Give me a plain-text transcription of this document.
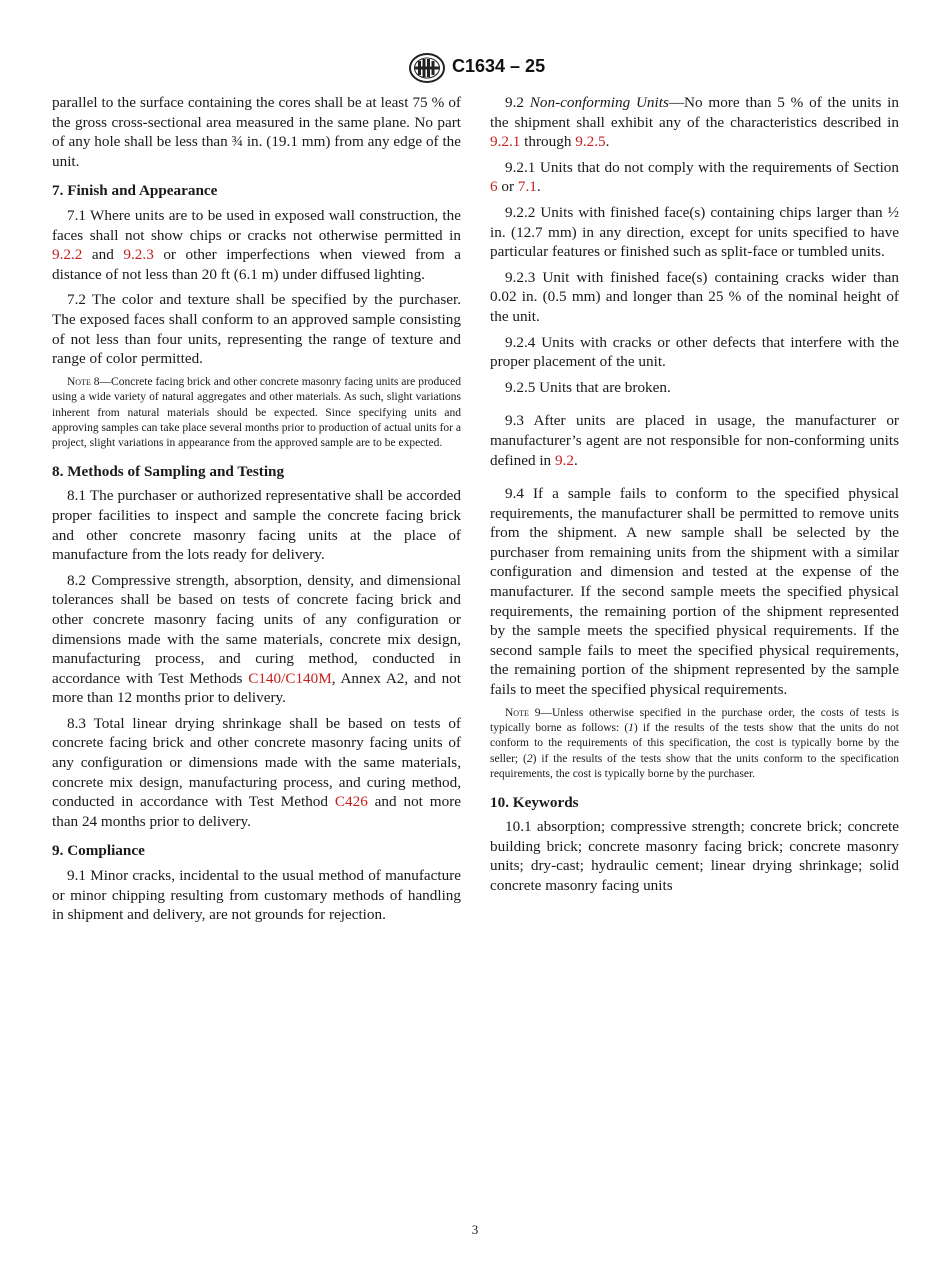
C1634 – 25

parallel to the surface containing the cores shall be at least 75 % of the gross cross-sectional area measured in the same plane. No part of any hole shall be less than ¾ in. (19.1 mm) from any edge of the unit.

7. Finish and Appearance

7.1 Where units are to be used in exposed wall construction, the faces shall not show chips or cracks not otherwise permitted in 9.2.2 and 9.2.3 or other imperfections when viewed from a distance of not less than 20 ft (6.1 m) under diffused lighting.

7.2 The color and texture shall be specified by the purchaser. The exposed faces shall conform to an approved sample consisting of not less than four units, representing the range of texture and range of color permitted.

Note 8—Concrete facing brick and other concrete masonry facing units are produced using a wide variety of natural aggregates and other materials. As such, slight variations inherent from natural materials should be expected. Since specifying units and approving samples can take place several months prior to production of actual units for a project, slight variations in appearance from the approved sample are to be expected.

8. Methods of Sampling and Testing

8.1 The purchaser or authorized representative shall be accorded proper facilities to inspect and sample the concrete facing brick and other concrete masonry facing units at the place of manufacture from the lots ready for delivery.

8.2 Compressive strength, absorption, density, and dimensional tolerances shall be based on tests of concrete facing brick and other concrete masonry facing units of any configuration or dimensions made with the same materials, concrete mix design, manufacturing process, and curing method, conducted in accordance with Test Methods C140/C140M, Annex A2, and not more than 12 months prior to delivery.

8.3 Total linear drying shrinkage shall be based on tests of concrete facing brick and other concrete masonry facing units of any configuration or dimensions made with the same materials, concrete mix design, manufacturing process, and curing method, conducted in accordance with Test Method C426 and not more than 24 months prior to delivery.

9. Compliance

9.1 Minor cracks, incidental to the usual method of manufacture or minor chipping resulting from customary methods of handling in shipment and delivery, are not grounds for rejection.

9.2 Non-conforming Units—No more than 5 % of the units in the shipment shall exhibit any of the characteristics described in 9.2.1 through 9.2.5.

9.2.1 Units that do not comply with the requirements of Section 6 or 7.1.

9.2.2 Units with finished face(s) containing chips larger than ½ in. (12.7 mm) in any direction, except for units specified to have particular features or finished such as split-face or tumbled units.

9.2.3 Unit with finished face(s) containing cracks wider than 0.02 in. (0.5 mm) and longer than 25 % of the nominal height of the unit.

9.2.4 Units with cracks or other defects that interfere with the proper placement of the unit.

9.2.5 Units that are broken.

9.3 After units are placed in usage, the manufacturer or manufacturer’s agent are not responsible for non-conforming units defined in 9.2.

9.4 If a sample fails to conform to the specified physical requirements, the manufacturer shall be permitted to remove units from the shipment. A new sample shall be selected by the purchaser from remaining units from the shipment with a similar configuration and dimension and tested at the expense of the manufacturer. If the second sample meets the specified physical requirements, the remaining portion of the shipment represented by the sample meets the specified physical requirements. If the second sample fails to meet the specified physical requirements, the remaining portion of the shipment represented by the sample fails to meet the specified physical requirements.

Note 9—Unless otherwise specified in the purchase order, the costs of tests is typically borne as follows: (1) if the results of the tests show that the units do not conform to the requirements of this specification, the cost is typically borne by the seller; (2) if the results of the tests show that the units conform to the specification requirements, the cost is typically borne by the purchaser.

10. Keywords

10.1 absorption; compressive strength; concrete brick; concrete building brick; concrete masonry facing brick; concrete masonry units; dry-cast; hydraulic cement; linear drying shrinkage; solid concrete masonry facing units

3
